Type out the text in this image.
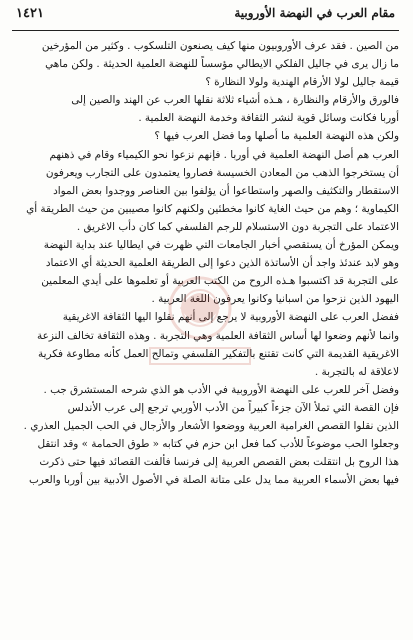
مقام العرب في النهضة الأوروبية
١٤٢١
من الصين . فقد عرف الأوروبيون منها كيف يصنعون التلسكوب . وكثير من المؤرخين
ما زال يرى في جاليل الفلكي الايطالي مؤسساً للنهضة العلمية الحديثة . ولكن ماهي
قيمة جاليل لولا الأرقام الهندية ولولا النظارة ؟
فالورق والأرقام والنظارة ، هـذه أشياء ثلاثة نقلها العرب عن الهند والصين إلى
أوربا فكانت وسائل قوية لنشر الثقافة وخدمة النهضة العلمية .
ولكن هذه النهضة العلمية ما أصلها وما فضل العرب فيها ؟
العرب هم أصل النهضة العلمية في أوربا . فإنهم نزعوا نحو الكيمياء وقام في ذهنهم
أن يستخرجوا الذهب من المعادن الخسيسة فصاروا يعتمدون على التجارب ويعرفون
الاستقطار والتكثيف والصهر واستطاعوا أن يؤلفوا بين العناصر ووجدوا بعض المواد
الكيماوية ؛ وهم من حيث الغاية كانوا مخطئين ولكنهم كانوا مصيبين من حيث الطريقة أي
الاعتماد على التجربة دون الاستسلام للرجم الفلسفي كما كان دأب الاغريق .
ويمكن المؤرخ أن يستقصي أخبار الجامعات التي ظهرت في ايطاليا عند بداية النهضة
وهو لابد عندئذ واجد أن الأساتذة الذين دعوا إلى الطريقة العلمية الحديثة أي الاعتماد
على التجربة قد اكتسبوا هـذه الروح من الكتب العربية أو تعلموها على أيدي المعلمين
اليهود الذين نزحوا من اسبانيا وكانوا يعرفون اللغة العربية .
ففضل العرب على النهضة الأوروبية لا يرجع إلى أنهم نقلوا اليها الثقافة الاغريقية
وانما لأنهم وضعوا لها أساس الثقافة العلمية وهي التجربة . وهذه الثقافة تخالف النزعة
الاغريقية القديمة التي كانت تقتنع بالتفكير الفلسفي وتمالح العمل كأنه مطاوعة فكرية
لاعلاقة له بالتجربة .
وفضل آخر للعرب على النهضة الأوروبية في الأدب هو الذي شرحه المستشرق جب .
فإن القصة التي تملأ الآن جزءاً كبيراً من الأدب الأوربي ترجع إلى عرب الأندلس
الذين نقلوا القصص الغرامية العربية ووضعوا الأشعار والأزجال في الحب الجميل العذري .
وجعلوا الحب موضوعاً للأدب كما فعل ابن حزم في كتابه « طوق الحمامة » وقد انتقل
هذا الروح بل انتقلت بعض القصص العربية إلى فرنسا فألفت القصائد فيها حتى ذكرت
فيها بعض الأسماء العربية مما يدل على متانة الصلة في الأصول الأدبية بين أوربا والعرب
